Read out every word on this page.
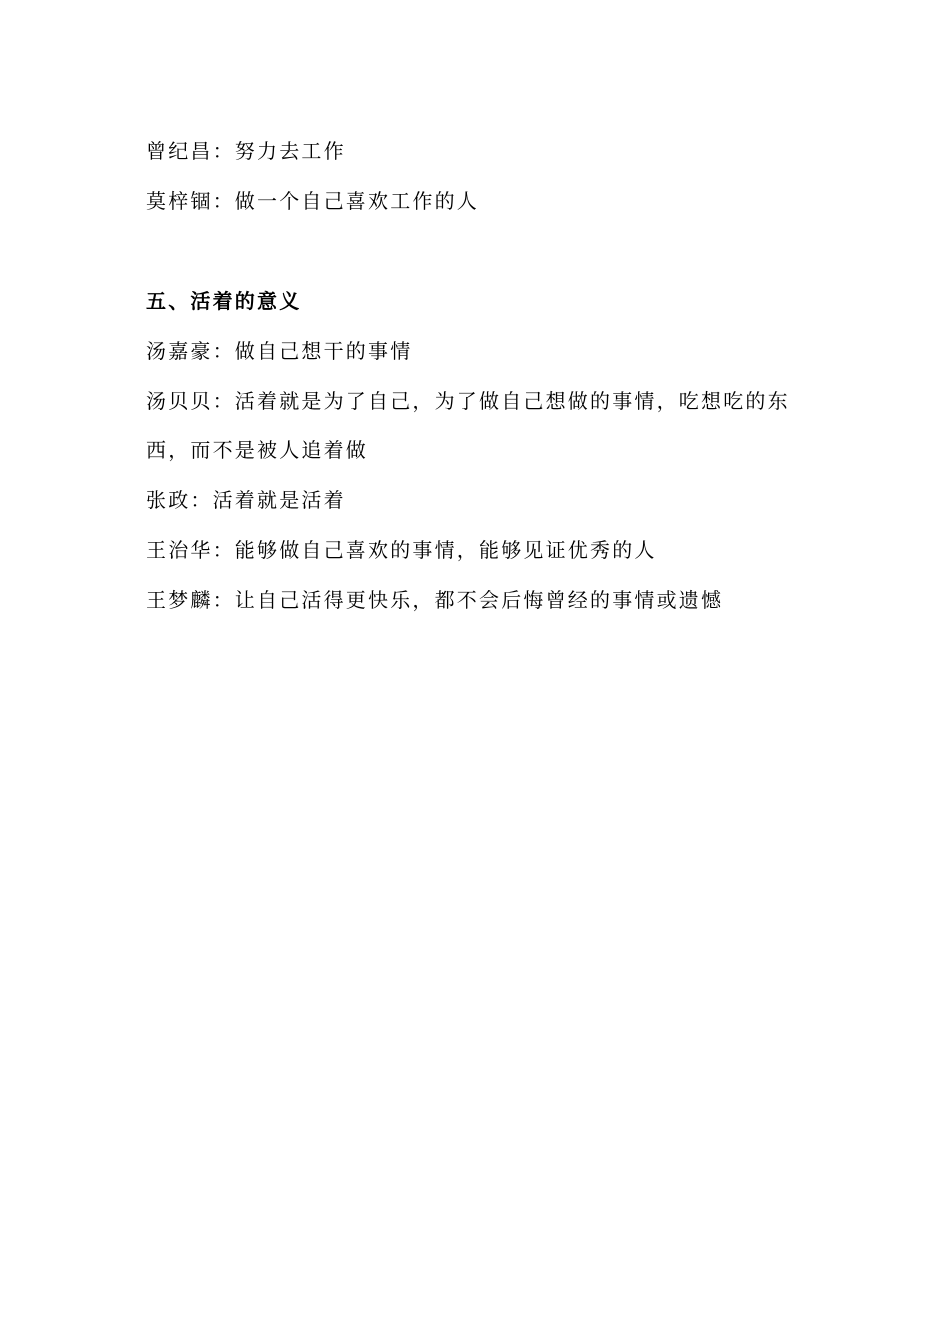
曾纪昌：努力去工作
莫梓锢：做一个自己喜欢工作的人
五、活着的意义
汤嘉豪：做自己想干的事情
汤贝贝：活着就是为了自己，为了做自己想做的事情，吃想吃的东
西，而不是被人追着做
张政：活着就是活着
王治华：能够做自己喜欢的事情，能够见证优秀的人
王梦麟：让自己活得更快乐，都不会后悔曾经的事情或遗憾
